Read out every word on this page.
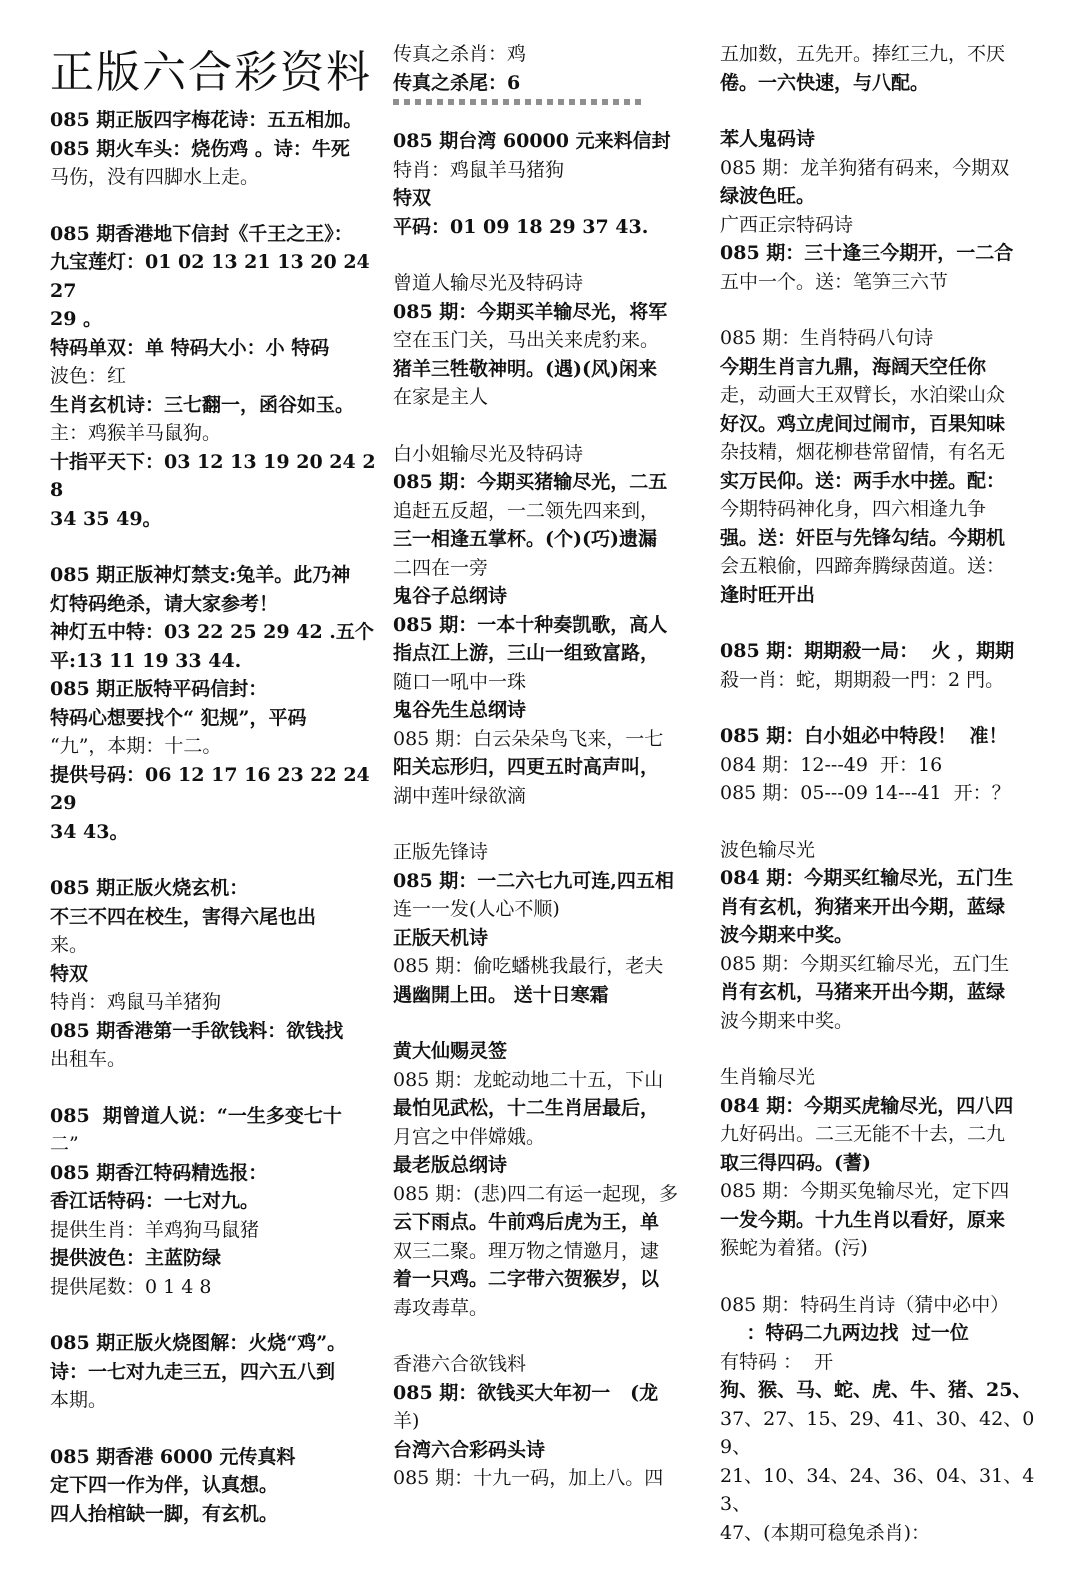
正版六合彩资料
085 期正版四字梅花诗：五五相加。
085 期火车头：烧伤鸡 。诗：牛死
马伤，没有四脚水上走。
085 期香港地下信封《千王之王》：
九宝莲灯：01 02 13 21 13 20 24 27
29 。
特码单双：单 特码大小：小 特码
波色：红
生肖玄机诗：三七翻一，函谷如玉。
主：鸡猴羊马鼠狗。
十指平天下：03 12 13 19 20 24 28
34 35 49。
085 期正版神灯禁支:兔羊。此乃神
灯特码绝杀，请大家参考！
神灯五中特：03 22 25 29 42 .五个
平:13 11 19 33 44.
085 期正版特平码信封：
特码心想要找个“ 犯规”，平码
“九”，本期：十二。
提供号码：06 12 17 16 23 22 24 29
34 43。
085 期正版火烧玄机：
不三不四在校生，害得六尾也出
来。
特双
特肖：鸡鼠马羊猪狗
085 期香港第一手欲钱料：欲钱找
出租车。
085  期曾道人说：“一生多变七十
二”
085 期香江特码精选报：
香江话特码：一七对九。
提供生肖：羊鸡狗马鼠猪
提供波色：主蓝防绿
提供尾数：0 1 4 8
085 期正版火烧图解：火烧“鸡”。
诗：一七对九走三五，四六五八到
本期。
085 期香港 6000 元传真料
定下四一作为伴，认真想。
四人抬棺缺一脚，有玄机。
传真之杀肖：鸡
传真之杀尾：6
085 期台湾 60000 元来料信封
特肖：鸡鼠羊马猪狗
特双
平码：01 09 18 29 37 43.
曾道人输尽光及特码诗
085 期：今期买羊输尽光，将军
空在玉门关，马出关来虎豹来。
猪羊三牲敬神明。(遇)(风)闲来
在家是主人
白小姐输尽光及特码诗
085 期：今期买猪输尽光，二五
追赶五反超，一二领先四来到，
三一相逢五掌杯。(个)(巧)遗漏
二四在一旁
鬼谷子总纲诗
085 期：一本十种奏凯歌，高人
指点江上游，三山一组致富路，
随口一吼中一珠
鬼谷先生总纲诗
085 期：白云朵朵鸟飞来，一七
阳关忘形归，四更五时高声叫，
湖中莲叶绿欲滴
正版先锋诗
085 期：一二六七九可连,四五相
连一一发(人心不顺)
正版天机诗
085 期：偷吃蟠桃我最行，老夫
遇幽開上田。 送十日寒霜
黄大仙赐灵签
085 期：龙蛇动地二十五，下山
最怕见武松，十二生肖居最后，
月宫之中伴嫦娥。
最老版总纲诗
085 期：(悲)四二有运一起现，多
云下雨点。牛前鸡后虎为王，单
双三二聚。理万物之情邀月，逮
着一只鸡。二字带六贺猴岁，以
毒攻毒草。
香港六合欲钱料
085 期：欲钱买大年初一   (龙
羊)
台湾六合彩码头诗
085 期：十九一码，加上八。四
五加数，五先开。捧红三九，不厌
倦。一六快速，与八配。
苯人鬼码诗
085 期：龙羊狗猪有码来，今期双
绿波色旺。
广西正宗特码诗
085 期：三十逢三今期开，一二合
五中一个。送：笔笋三六节
085 期：生肖特码八句诗
今期生肖言九鼎，海阔天空任你
走，动画大王双臂长，水泊梁山众
好汉。鸡立虎间过闹市，百果知味
杂技精，烟花柳巷常留情，有名无
实万民仰。送：两手水中搓。配：
今期特码神化身，四六相逢九争
强。送：奸臣与先锋勾结。今期机
会五粮偷，四蹄奔腾绿茵道。送：
逢时旺开出
085 期：期期殺一局：  火 ，期期
殺一肖：蛇，期期殺一門：2 門。
085 期：白小姐必中特段！  准！
084 期：12---49  开：16
085 期：05---09 14---41  开：？
波色输尽光
084 期：今期买红输尽光，五门生
肖有玄机，狗猪来开出今期，蓝绿
波今期来中奖。
085 期：今期买红输尽光，五门生
肖有玄机，马猪来开出今期，蓝绿
波今期来中奖。
生肖输尽光
084 期：今期买虎输尽光，四八四
九好码出。二三无能不十去，二九
取三得四码。(蓍)
085 期：今期买兔输尽光，定下四
一发今期。十九生肖以看好，原来
猴蛇为着猪。(污)
085 期：特码生肖诗（猜中必中）
：特码二九两边找  过一位
有特码 ：  开
狗、猴、马、蛇、虎、牛、猪、25、
37、27、15、29、41、30、42、09、
21、10、34、24、36、04、31、43、
47、(本期可稳兔杀肖)：
